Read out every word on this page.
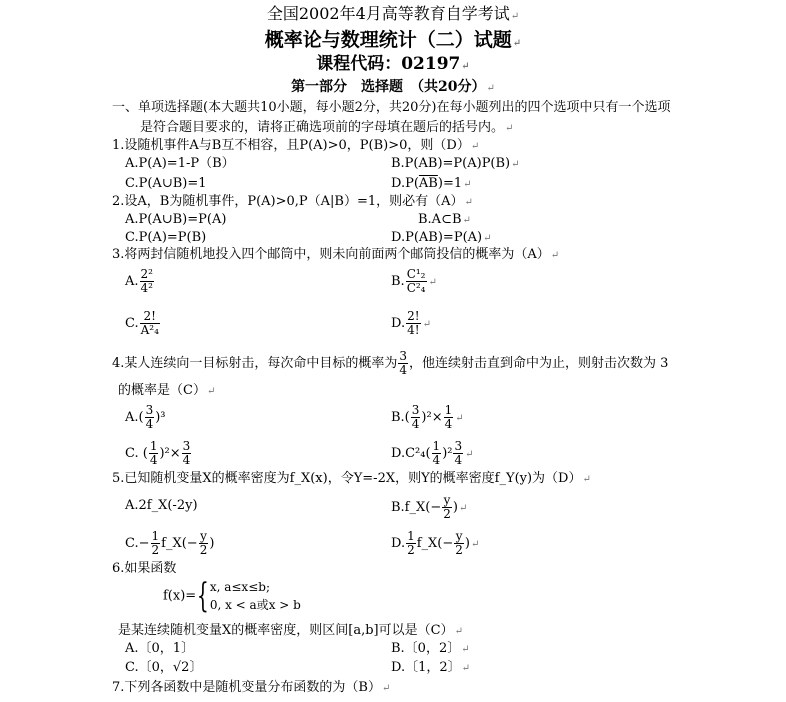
全国2002年4月高等教育自学考试↵
概率论与数理统计（二）试题↵
课程代码：02197↵
第一部分　选择题　（共20分）↵
一、单项选择题(本大题共10小题，每小题2分，共20分)在每小题列出的四个选项中只有一个选项
是符合题目要求的，请将正确选项前的字母填在题后的括号内。↵
1.设随机事件A与B互不相容，且P(A)>0，P(B)>0，则（D）↵
A.P(A)=1-P（B）	B.P(AB)=P(A)P(B)↵
C.P(A∪B)=1	$D.P(\overline{AB})=1↵$
2.设A，B为随机事件，P(A)>0,P（A|B）=1，则必有（A）↵
A.P(A∪B)=P(A)	B.A⊂B↵
C.P(A)=P(B)	D.P(AB)=P(A)↵
3.将两封信随机地投入四个邮筒中，则未向前面两个邮筒投信的概率为（A）↵
A. $\frac{\text{2²}}{\text{4²}}$	B. $\frac{\text{C¹₂}}{\text{C²₄}}$ ↵
C. $\frac{2!}{\text{A²₄}}$	D. $\frac{2!}{4!}$ ↵
4.某人连续向一目标射击，每次命中目标的概率为 $\frac{3}{4}$ ，他连续射击直到命中为止，则射击次数为 3
的概率是（C）↵
$A.( \frac{3}{4} )^3$	$B.( \frac{3}{4} )^2\times \frac{1}{4}$ ↵
C. ( $\frac{1}{4} )^2\times \frac{3}{4}$	$D.C^2_4( \frac{1}{4} )^2 \frac{3}{4}$ ↵
5.已知随机变量X的概率密度为f_X(x)，令Y=-2X，则Y的概率密度f_Y(y)为（D）↵
A.2f_X(-2y)	B.f_X(− $\frac{y}{2}$ )↵
$C.- \frac{1}{2}$ f_X(− $\frac{y}{2}$ )	D. $\frac{1}{2}$ f_X(− $\frac{y}{2}$ )↵
6.如果函数
f(x)={ x, a≤x≤b;
0, x < a或x > b
是某连续随机变量X的概率密度，则区间[a,b]可以是（C）↵
A.〔0，1〕	B.〔0，2〕↵
C.〔0，√2〕	D.〔1，2〕↵
7.下列各函数中是随机变量分布函数的为（B）↵
